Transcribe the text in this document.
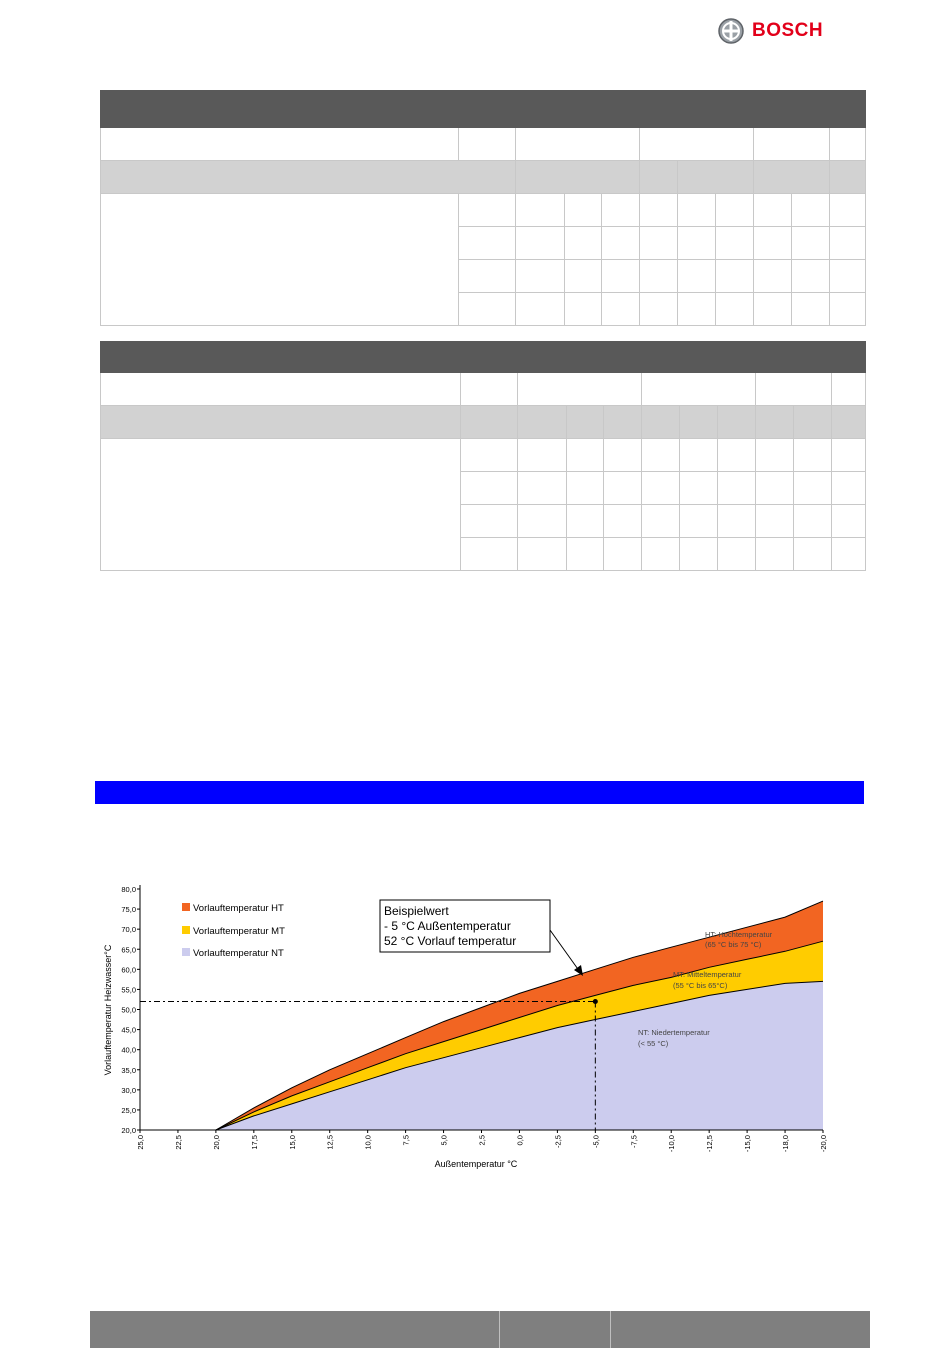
BOSCH

20,0
25,0
30,0
35,0
40,0
45,0
50,0
55,0
60,0
65,0
70,0
75,0
80,0
25,0	22,5	20,0	17,5	15,0	12,5	10,0	7,5	5,0	2,5	0,0	-2,5	-5,0	-7,5	-10,0	-12,5	-15,0	-18,0	-20,0
Vorlauftemperatur Heizwasser°C
Außentemperatur °C
Vorlauftemperatur HT
Vorlauftemperatur MT
Vorlauftemperatur NT
Beispielwert
- 5 °C Außentemperatur
52 °C Vorlauf temperatur	HT: Hochtemperatur
(65 °C bis 75 °C)
MT: Mitteltemperatur
(55 °C bis 65°C)
NT: Niedertemperatur
(< 55 °C)
